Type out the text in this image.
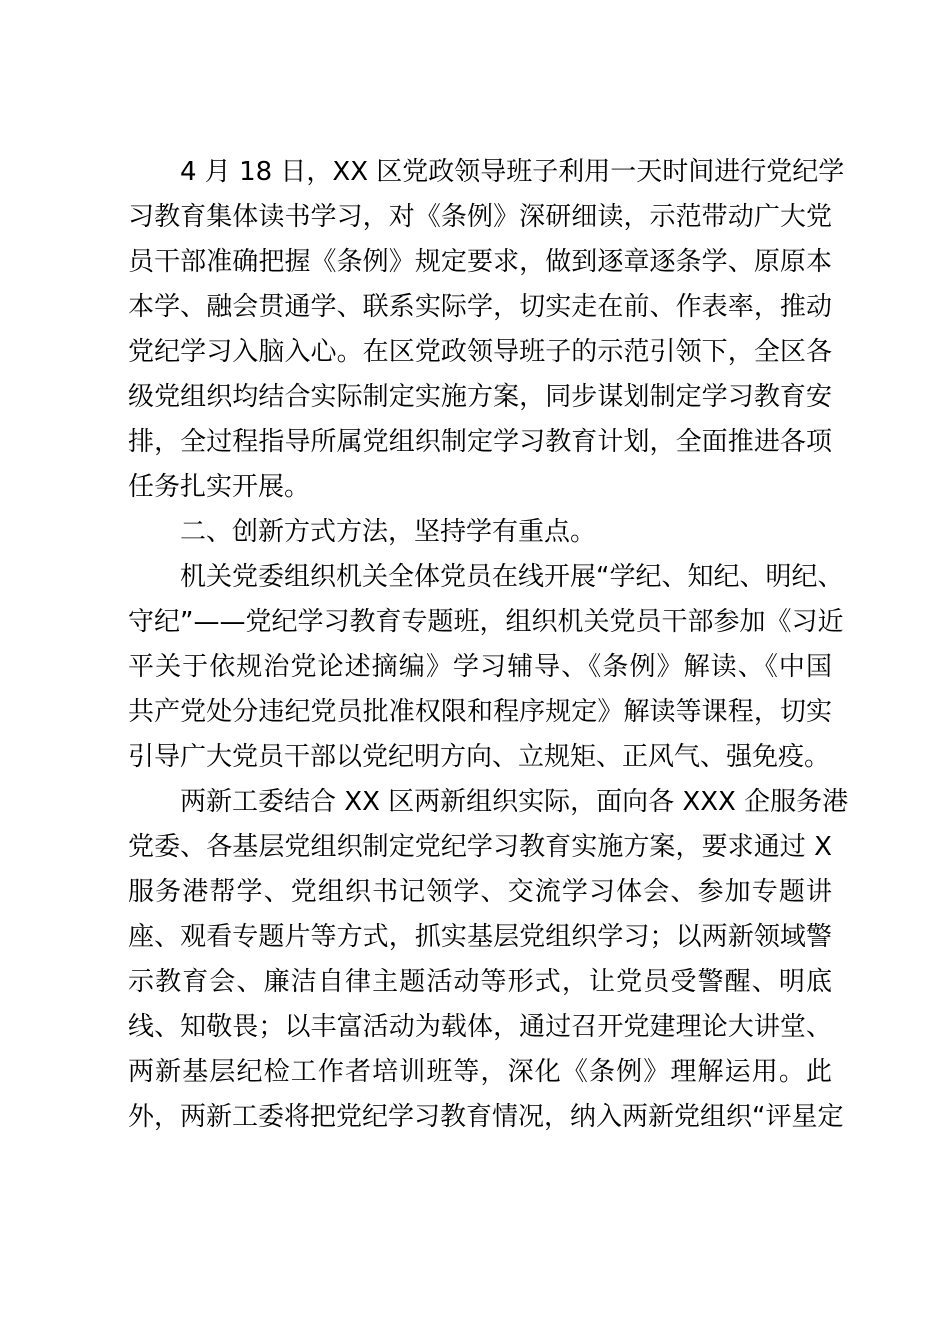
4 月 18 日，XX 区党政领导班子利用一天时间进行党纪学
习教育集体读书学习，对《条例》深研细读，示范带动广大党
员干部准确把握《条例》规定要求，做到逐章逐条学、原原本
本学、融会贯通学、联系实际学，切实走在前、作表率，推动
党纪学习入脑入心。在区党政领导班子的示范引领下，全区各
级党组织均结合实际制定实施方案，同步谋划制定学习教育安
排，全过程指导所属党组织制定学习教育计划，全面推进各项
任务扎实开展。
二、创新方式方法，坚持学有重点。
机关党委组织机关全体党员在线开展“学纪、知纪、明纪、
守纪”——党纪学习教育专题班，组织机关党员干部参加《习近
平关于依规治党论述摘编》学习辅导、《条例》解读、《中国
共产党处分违纪党员批准权限和程序规定》解读等课程，切实
引导广大党员干部以党纪明方向、立规矩、正风气、强免疫。
两新工委结合 XX 区两新组织实际，面向各 XXX 企服务港
党委、各基层党组织制定党纪学习教育实施方案，要求通过 X
服务港帮学、党组织书记领学、交流学习体会、参加专题讲
座、观看专题片等方式，抓实基层党组织学习；以两新领域警
示教育会、廉洁自律主题活动等形式，让党员受警醒、明底
线、知敬畏；以丰富活动为载体，通过召开党建理论大讲堂、
两新基层纪检工作者培训班等，深化《条例》理解运用。此
外，两新工委将把党纪学习教育情况，纳入两新党组织“评星定
